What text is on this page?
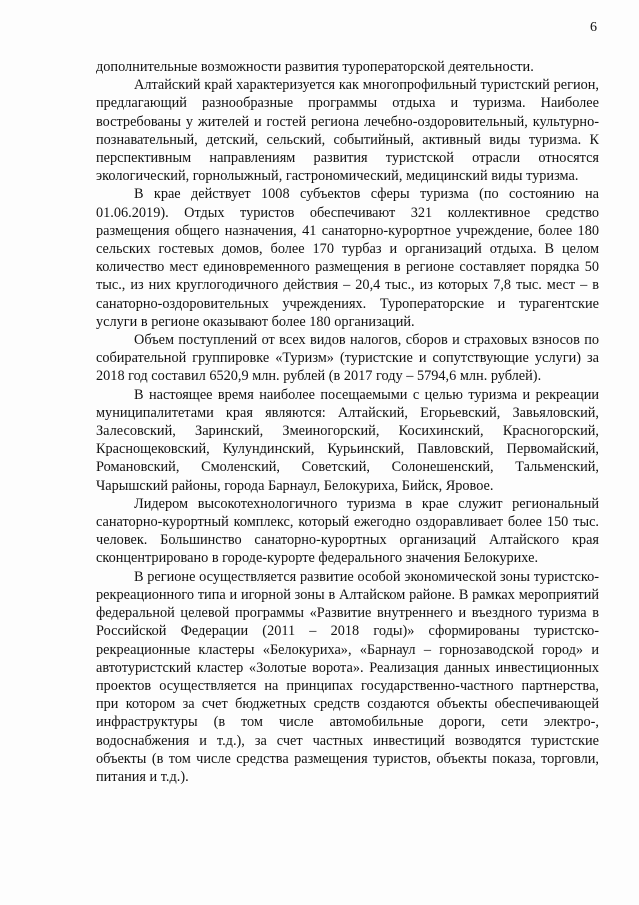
6

дополнительные возможности развития туроператорской деятельности.

Алтайский край характеризуется как многопрофильный туристский регион, предлагающий разнообразные программы отдыха и туризма. Наиболее востребованы у жителей и гостей региона лечебно-оздоровительный, культурно-познавательный, детский, сельский, событийный, активный виды туризма. К перспективным направлениям развития туристской отрасли относятся экологический, горнолыжный, гастрономический, медицинский виды туризма.

В крае действует 1008 субъектов сферы туризма (по состоянию на 01.06.2019). Отдых туристов обеспечивают 321 коллективное средство размещения общего назначения, 41 санаторно-курортное учреждение, более 180 сельских гостевых домов, более 170 турбаз и организаций отдыха. В целом количество мест единовременного размещения в регионе составляет порядка 50 тыс., из них круглогодичного действия – 20,4 тыс., из которых 7,8 тыс. мест – в санаторно-оздоровительных учреждениях. Туроператорские и турагентские услуги в регионе оказывают более 180 организаций.

Объем поступлений от всех видов налогов, сборов и страховых взносов по собирательной группировке «Туризм» (туристские и сопутствующие услуги) за 2018 год составил 6520,9 млн. рублей (в 2017 году – 5794,6 млн. рублей).

В настоящее время наиболее посещаемыми с целью туризма и рекреации муниципалитетами края являются: Алтайский, Егорьевский, Завьяловский, Залесовский, Заринский, Змеиногорский, Косихинский, Красногорский, Краснощековский, Кулундинский, Курьинский, Павловский, Первомайский, Романовский, Смоленский, Советский, Солонешенский, Тальменский, Чарышский районы, города Барнаул, Белокуриха, Бийск, Яровое.

Лидером высокотехнологичного туризма в крае служит региональный санаторно-курортный комплекс, который ежегодно оздоравливает более 150 тыс. человек. Большинство санаторно-курортных организаций Алтайского края сконцентрировано в городе-курорте федерального значения Белокурихе.

В регионе осуществляется развитие особой экономической зоны туристско-рекреационного типа и игорной зоны в Алтайском районе. В рамках мероприятий федеральной целевой программы «Развитие внутреннего и въездного туризма в Российской Федерации (2011 – 2018 годы)» сформированы туристско-рекреационные кластеры «Белокуриха», «Барнаул – горнозаводской город» и автотуристский кластер «Золотые ворота». Реализация данных инвестиционных проектов осуществляется на принципах государственно-частного партнерства, при котором за счет бюджетных средств создаются объекты обеспечивающей инфраструктуры (в том числе автомобильные дороги, сети электро-, водоснабжения и т.д.), за счет частных инвестиций возводятся туристские объекты (в том числе средства размещения туристов, объекты показа, торговли, питания и т.д.).
